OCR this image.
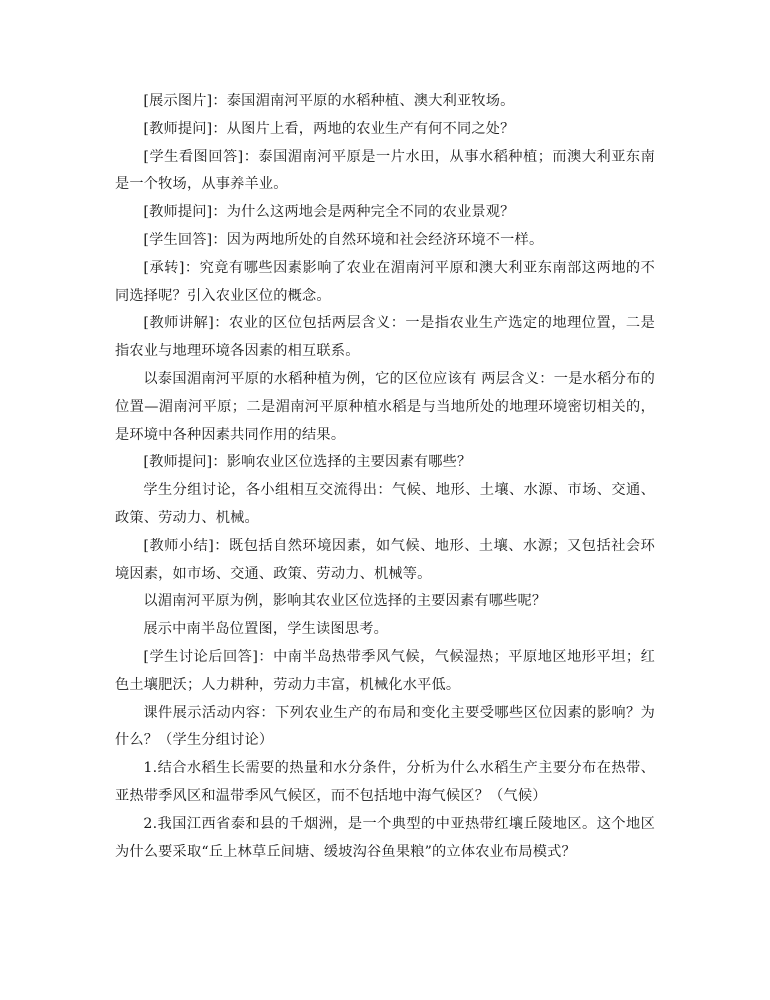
[展示图片]：泰国湄南河平原的水稻种植、澳大利亚牧场。

[教师提问]：从图片上看，两地的农业生产有何不同之处？

[学生看图回答]：泰国湄南河平原是一片水田，从事水稻种植；而澳大利亚东南是一个牧场，从事养羊业。

[教师提问]：为什么这两地会是两种完全不同的农业景观？

[学生回答]：因为两地所处的自然环境和社会经济环境不一样。

[承转]：究竟有哪些因素影响了农业在湄南河平原和澳大利亚东南部这两地的不同选择呢？引入农业区位的概念。

[教师讲解]：农业的区位包括两层含义：一是指农业生产选定的地理位置，二是指农业与地理环境各因素的相互联系。

以泰国湄南河平原的水稻种植为例，它的区位应该有 两层含义：一是水稻分布的位置—湄南河平原；二是湄南河平原种植水稻是与当地所处的地理环境密切相关的，是环境中各种因素共同作用的结果。

[教师提问]：影响农业区位选择的主要因素有哪些？

学生分组讨论，各小组相互交流得出：气候、地形、土壤、水源、市场、交通、政策、劳动力、机械。

[教师小结]：既包括自然环境因素，如气候、地形、土壤、水源；又包括社会环境因素，如市场、交通、政策、劳动力、机械等。

以湄南河平原为例，影响其农业区位选择的主要因素有哪些呢？

展示中南半岛位置图，学生读图思考。

[学生讨论后回答]：中南半岛热带季风气候，气候湿热；平原地区地形平坦；红色土壤肥沃；人力耕种，劳动力丰富，机械化水平低。

课件展示活动内容：下列农业生产的布局和变化主要受哪些区位因素的影响？为什么？（学生分组讨论）

1.结合水稻生长需要的热量和水分条件，分析为什么水稻生产主要分布在热带、亚热带季风区和温带季风气候区，而不包括地中海气候区？（气候）

2.我国江西省泰和县的千烟洲，是一个典型的中亚热带红壤丘陵地区。这个地区为什么要采取“丘上林草丘间塘、缓坡沟谷鱼果粮”的立体农业布局模式？
